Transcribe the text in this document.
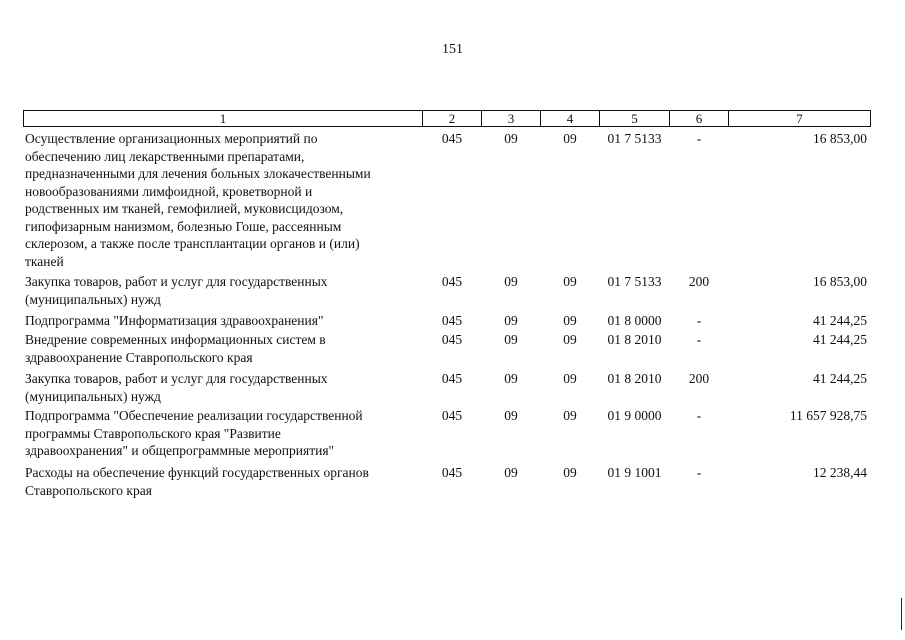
151
1	2	3	4	5	6	7
Осуществление организационных мероприятий по
обеспечению лиц лекарственными препаратами,
предназначенными для лечения больных злокачественными
новообразованиями лимфоидной, кроветворной и
родственных им тканей, гемофилией, муковисцидозом,
гипофизарным нанизмом, болезнью Гоше, рассеянным
склерозом, а также после трансплантации органов и (или)
тканей
045	09	09	01 7 5133	-	16 853,00
Закупка товаров, работ и услуг для государственных
(муниципальных) нужд
045	09	09	01 7 5133	200	16 853,00
Подпрограмма "Информатизация здравоохранения"	045	09	09	01 8 0000	-	41 244,25
Внедрение современных информационных систем в
здравоохранение Ставропольского края
045	09	09	01 8 2010	-	41 244,25
Закупка товаров, работ и услуг для государственных
(муниципальных) нужд
045	09	09	01 8 2010	200	41 244,25
Подпрограмма "Обеспечение реализации государственной
программы Ставропольского края "Развитие
здравоохранения" и общепрограммные мероприятия"
045	09	09	01 9 0000	-	11 657 928,75
Расходы на обеспечение функций государственных органов
Ставропольского края
045	09	09	01 9 1001	-	12 238,44
